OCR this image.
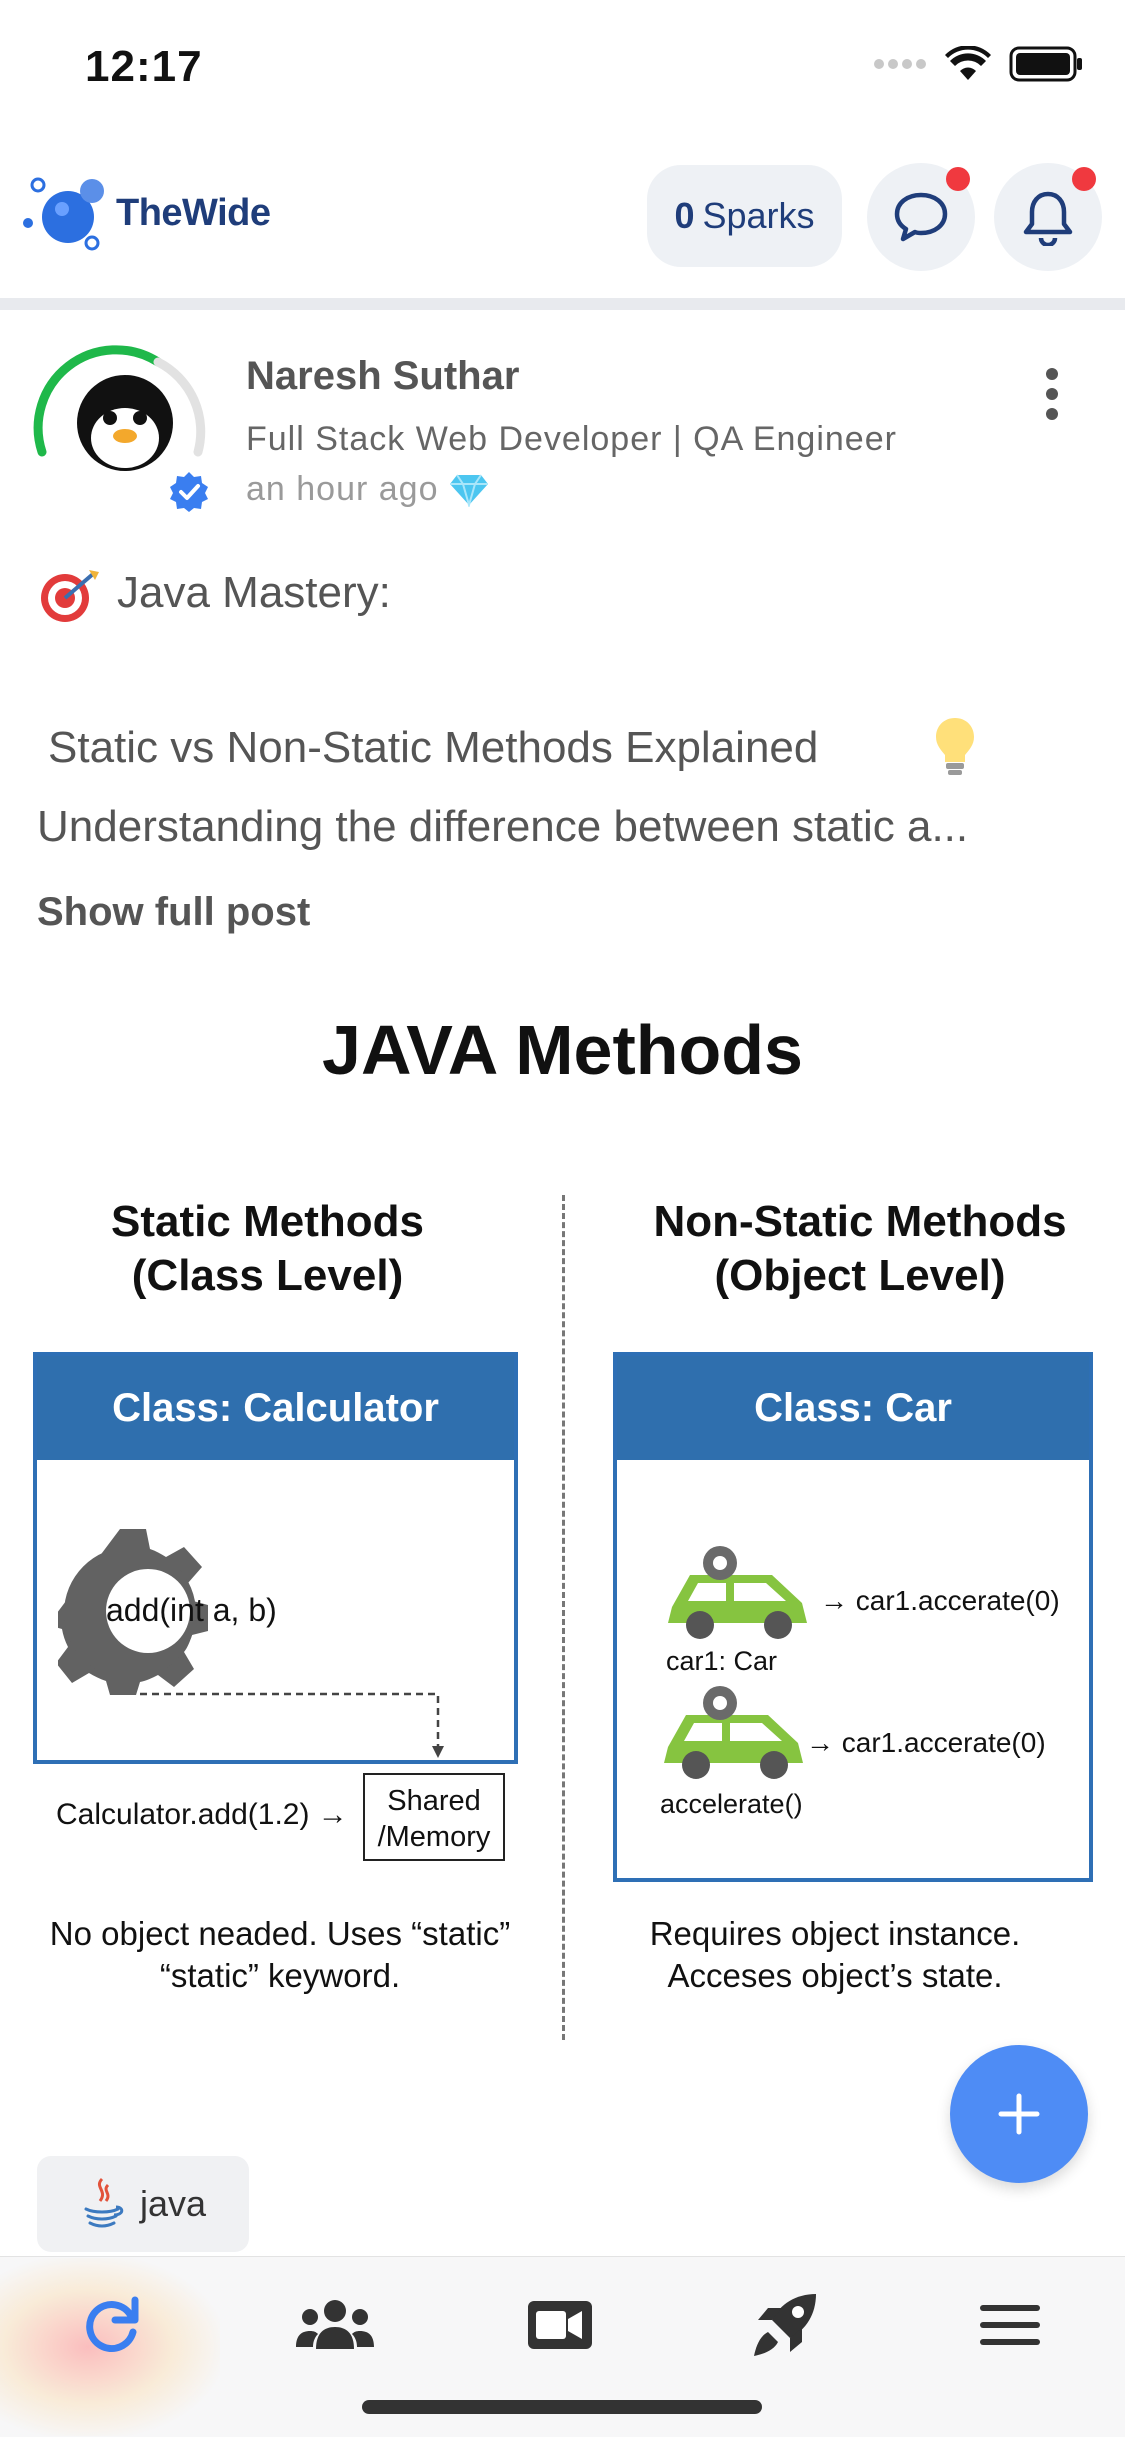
12:17
TheWide	0 Sparks
Naresh Suthar
Full Stack Web Developer | QA Engineer
an hour ago
Java Mastery:
Static vs Non-Static Methods Explained
Understanding the difference between static a...
Show full post
JAVA Methods
Static Methods
(Class Level)
Non-Static Methods
(Object Level)
Class: Calculator
add(int a, b)
Calculator.add(1.2) →	Shared
/Memory
No object neaded. Uses “static”
“static” keyword.
Class: Car
→ car1.accerate(0)
car1: Car
→ car1.accerate(0)
accelerate()
Requires object instance.
Acceses object’s state.
java
